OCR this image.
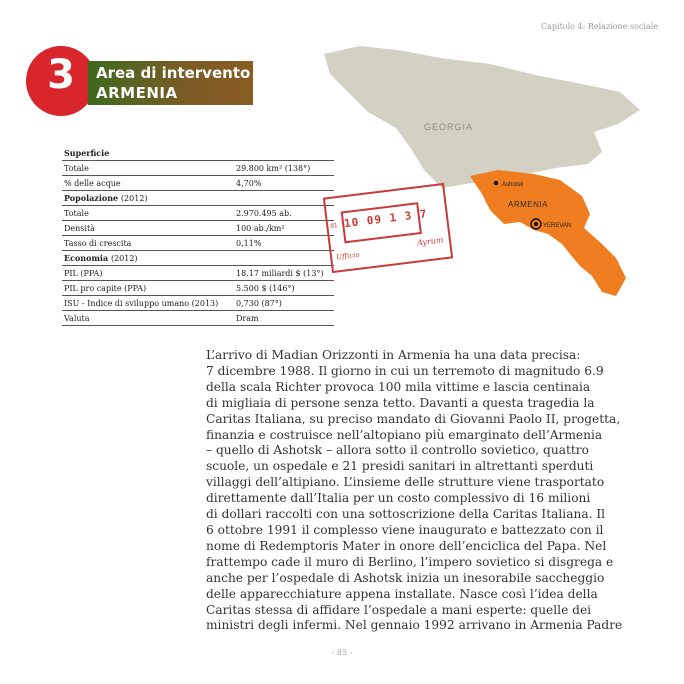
Capitolo 4: Relazione sociale
3	Area di intervento
ARMENIA
Superficie	
Totale	29.800 km² (138°)
% delle acque	4,70%
Popolazione (2012)	
Totale	2.970.495 ab.
Densità	100 ab./km²
Tasso di crescita	0,11%
Economia (2012)	
PIL (PPA)	18.17 miliardi $ (13°)
PIL pro capite (PPA)	5.500 $ (146°)
ISU - Indice di sviluppo umano (2013)	0,730 (87°)
Valuta	Dram
GEORGIA
Ashotsk
ARMENIA
YEREVAN
01 10 09 1 3 7
Ufficio
Ayrum
L’arrivo di Madian Orizzonti in Armenia ha una data precisa:
7 dicembre 1988. Il giorno in cui un terremoto di magnitudo 6.9
della scala Richter provoca 100 mila vittime e lascia centinaia
di migliaia di persone senza tetto. Davanti a questa tragedia la
Caritas Italiana, su preciso mandato di Giovanni Paolo II, progetta,
finanzia e costruisce nell’altopiano più emarginato dell’Armenia
– quello di Ashotsk – allora sotto il controllo sovietico, quattro
scuole, un ospedale e 21 presidi sanitari in altrettanti sperduti
villaggi dell’altipiano. L’insieme delle strutture viene trasportato
direttamente dall’Italia per un costo complessivo di 16 milioni
di dollari raccolti con una sottoscrizione della Caritas Italiana. Il
6 ottobre 1991 il complesso viene inaugurato e battezzato con il
nome di Redemptoris Mater in onore dell’enciclica del Papa. Nel
frattempo cade il muro di Berlino, l’impero sovietico si disgrega e
anche per l’ospedale di Ashotsk inizia un inesorabile saccheggio
delle apparecchiature appena installate. Nasce così l’idea della
Caritas stessa di affidare l’ospedale a mani esperte: quelle dei
ministri degli infermi. Nel gennaio 1992 arrivano in Armenia Padre
- 85 -
